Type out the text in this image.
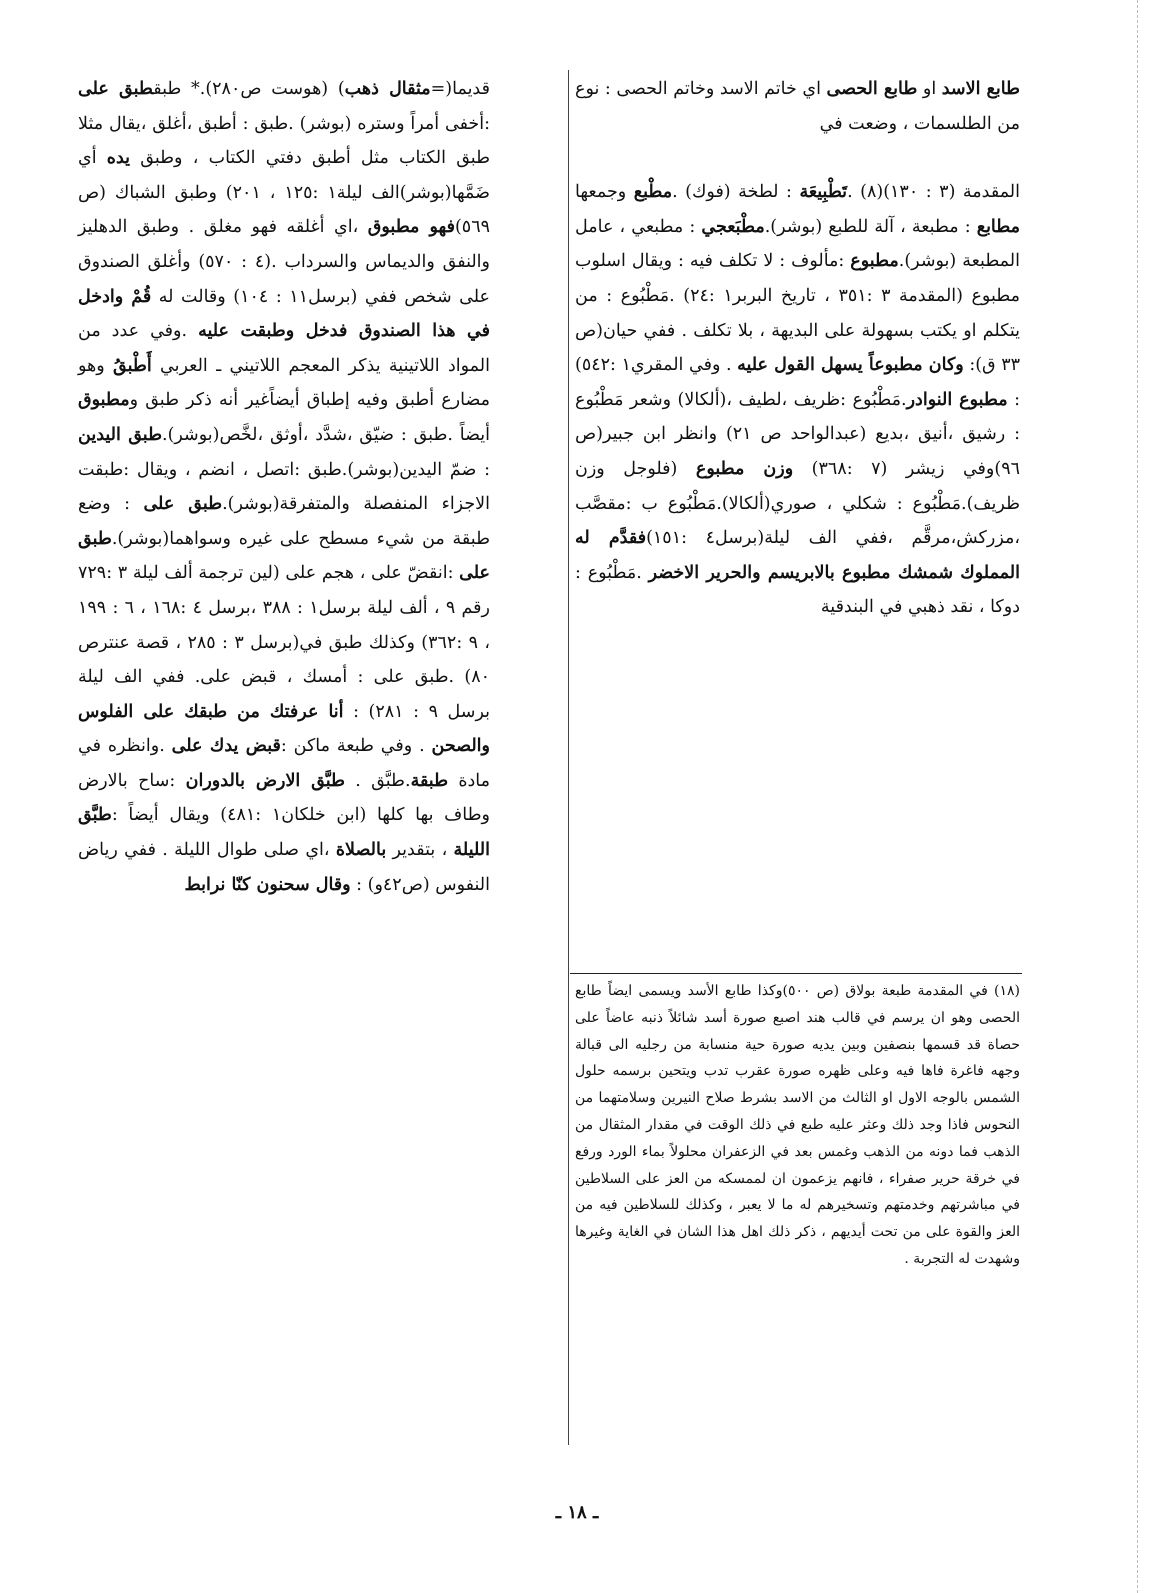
طابع الاسد او طابع الحصى اي خاتم الاسد وخاتم الحصى : نوع من الطلسمات ، وضعت في
المقدمة (٣ : ١٣٠)(٨) .تَطْبِيعَة : لطخة (فوك) .مطْبع وجمعها مطابع : مطبعة ، آلة للطبع (بوشر).مطْبَعجي : مطبعي ، عامل المطبعة (بوشر).مطبوع :مألوف : لا تكلف فيه : ويقال اسلوب مطبوع (المقدمة ٣ :٣٥١ ، تاريخ البربر١ :٢٤) .مَطْبُوع : من يتكلم او يكتب بسهولة على البديهة ، بلا تكلف . ففي حيان(ص ٣٣ ق): وكان مطبوعاً يسهل القول عليه . وفي المقري١ :٥٤٢) : مطبوع النوادر.مَطْبُوع :ظريف ،لطيف ،(ألكالا) وشعر مَطْبُوع : رشيق ،أنيق ،بديع (عبدالواحد ص ٢١) وانظر ابن جبير(ص ٩٦)وفي زيشر (٧ :٣٦٨) وزن مطبوع (فلوجل وزن ظريف).مَطْبُوع : شكلي ، صوري(ألكالا).مَطْبُوع ب :مقصَّب ،مزركش،مرقَّم ،ففي الف ليلة(برسل٤ :١٥١)فقدَّم له المملوك شمشك مطبوع بالابريسم والحرير الاخضر .مَطْبُوع : دوكا ، نقد ذهبي في البندقية
قديما(=مثقال ذهب) (هوست ص٢٨٠).* طبقطبق على :أخفى أمراً وستره (بوشر) .طبق : أطبق ،أغلق ،يقال مثلا طبق الكتاب مثل أطبق دفتي الكتاب ، وطبق يده أي ضَمَّها(بوشر)الف ليلة١ :١٢٥ ، ٢٠١) وطبق الشباك (ص ٥٦٩)فهو مطبوق ،اي أغلقه فهو مغلق . وطبق الدهليز والنفق والديماس والسرداب .(٤ : ٥٧٠) وأغلق الصندوق على شخص ففي (برسل١١ : ١٠٤) وقالت له قُمْ وادخل في هذا الصندوق فدخل وطبقت عليه .وفي عدد من المواد اللاتينية يذكر المعجم اللاتيني ـ العربي أَطْبقُ وهو مضارع أطبق وفيه إطباق أيضاًغير أنه ذكر طبق ومطبوق أيضاً .طبق : ضيّق ،شدَّد ،أوثق ،لخَّص(بوشر).طبق اليدين : ضمّ اليدين(بوشر).طبق :اتصل ، انضم ، ويقال :طبقت الاجزاء المنفصلة والمتفرقة(بوشر).طبق على : وضع طبقة من شيء مسطح على غيره وسواهما(بوشر).طبق على :انقضّ على ، هجم على (لين ترجمة ألف ليلة ٣ :٧٢٩ رقم ٩ ، ألف ليلة برسل١ : ٣٨٨ ،برسل ٤ :١٦٨ ، ٦ : ١٩٩ ، ٩ :٣٦٢) وكذلك طبق في(برسل ٣ : ٢٨٥ ، قصة عنترص ٨٠) .طبق على : أمسك ، قبض على. ففي الف ليلة برسل ٩ : ٢٨١) : أنا عرفتك من طبقك على الفلوس والصحن . وفي طبعة ماكن :قبض يدك على .وانظره في مادة طبقة.طبَّق . طبَّق الارض بالدوران :ساح بالارض وطاف بها كلها (ابن خلكان١ :٤٨١) ويقال أيضاً :طبَّق الليلة ، بتقدير بالصلاة ،اي صلى طوال الليلة . ففي رياض النفوس (ص٤٢و) : وقال سحنون كنّا نرابط

(١٨) في المقدمة طبعة بولاق (ص ٥٠٠)وكذا طابع الأسد ويسمى ايضاً طابع الحصى وهو ان يرسم في قالب هند اصبع صورة أسد شائلاً ذنبه عاضاً على حصاة قد قسمها بنصفين وبين يديه صورة حية منسابة من رجليه الى قبالة وجهه فاغرة فاها فيه وعلى ظهره صورة عقرب تدب ويتحين برسمه حلول الشمس بالوجه الاول او الثالث من الاسد بشرط صلاح النيرين وسلامتهما من النحوس فاذا وجد ذلك وعثر عليه طبع في ذلك الوقت في مقدار المثقال من الذهب فما دونه من الذهب وغمس بعد في الزعفران محلولاً بماء الورد ورفع في خرقة حرير صفراء ، فانهم يزعمون ان لممسكه من العز على السلاطين في مباشرتهم وخدمتهم وتسخيرهم له ما لا يعبر ، وكذلك للسلاطين فيه من العز والقوة على من تحت أيديهم ، ذكر ذلك اهل هذا الشان في الغاية وغيرها وشهدت له التجربة .

ـ ١٨ ـ
